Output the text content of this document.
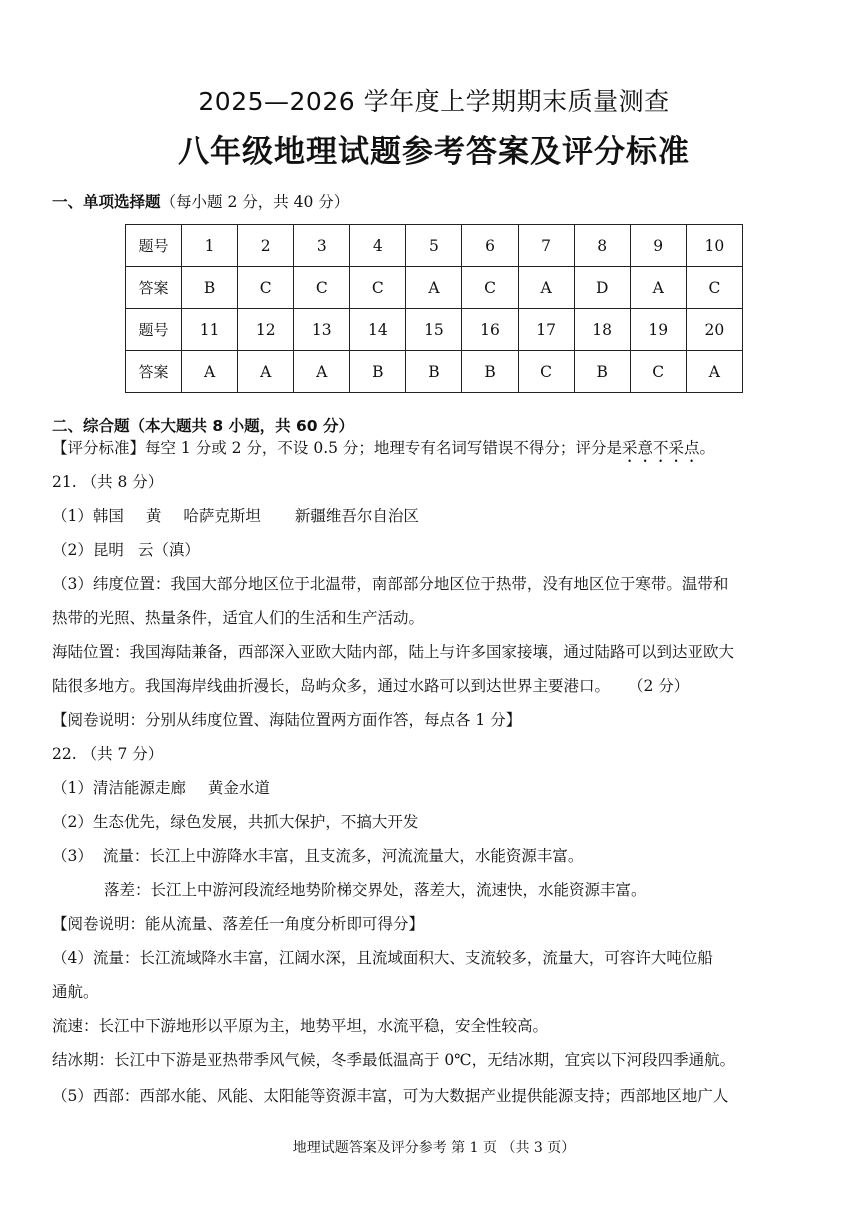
2025—2026 学年度上学期期末质量测查
八年级地理试题参考答案及评分标准
一、单项选择题（每小题 2 分，共 40 分）
题号	1	2	3	4	5	6	7	8	9	10
答案	B	C	C	C	A	C	A	D	A	C
题号	11	12	13	14	15	16	17	18	19	20
答案	A	A	A	B	B	B	C	B	C	A
二、综合题（本大题共 8 小题，共 60 分）
【评分标准】每空 1 分或 2 分，不设 0.5 分；地理专有名词写错误不得分；评分是采意不采点。
21. （共 8 分）
（1）韩国 黄 哈萨克斯坦 新疆维吾尔自治区
（2）昆明 云（滇）
（3）纬度位置：我国大部分地区位于北温带，南部部分地区位于热带，没有地区位于寒带。温带和
热带的光照、热量条件，适宜人们的生活和生产活动。
海陆位置：我国海陆兼备，西部深入亚欧大陆内部，陆上与许多国家接壤，通过陆路可以到达亚欧大
陆很多地方。我国海岸线曲折漫长，岛屿众多，通过水路可以到达世界主要港口。 （2 分）
【阅卷说明：分别从纬度位置、海陆位置两方面作答，每点各 1 分】
22. （共 7 分）
（1）清洁能源走廊 黄金水道
（2）生态优先，绿色发展，共抓大保护，不搞大开发
（3） 流量：长江上中游降水丰富，且支流多，河流流量大，水能资源丰富。
落差：长江上中游河段流经地势阶梯交界处，落差大，流速快，水能资源丰富。
【阅卷说明：能从流量、落差任一角度分析即可得分】
（4）流量：长江流域降水丰富，江阔水深，且流域面积大、支流较多，流量大，可容许大吨位船
通航。
流速：长江中下游地形以平原为主，地势平坦，水流平稳，安全性较高。
结冰期：长江中下游是亚热带季风气候，冬季最低温高于 0℃，无结冰期，宜宾以下河段四季通航。
（5）西部：西部水能、风能、太阳能等资源丰富，可为大数据产业提供能源支持；西部地区地广人
地理试题答案及评分参考 第 1 页 （共 3 页）
